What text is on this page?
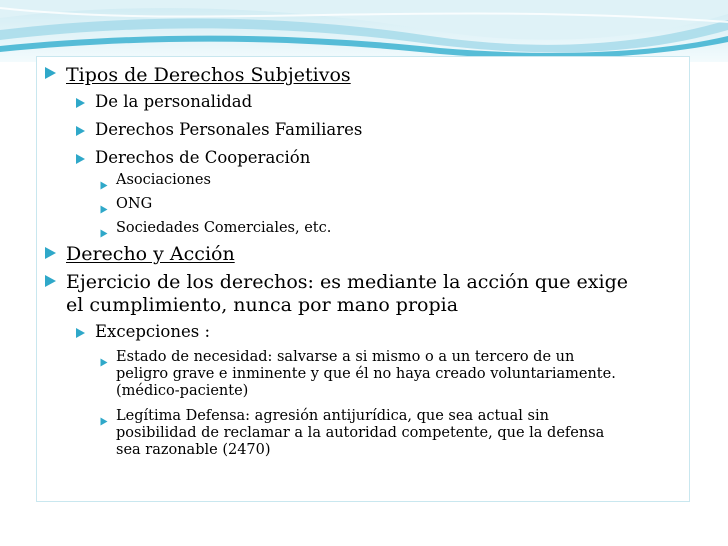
Tipos de Derechos Subjetivos
De la personalidad
Derechos Personales Familiares
Derechos de Cooperación
Asociaciones
ONG
Sociedades Comerciales, etc.
Derecho y Acción
Ejercicio de los derechos: es mediante la acción que exige
el cumplimiento, nunca por mano propia
Excepciones :
Estado de necesidad: salvarse a si mismo o a un tercero de un
peligro grave e inminente y que él no haya creado voluntariamente.
(médico-paciente)
Legítima Defensa: agresión antijurídica, que sea actual sin
posibilidad de reclamar a la autoridad competente, que la defensa
sea razonable (2470)
